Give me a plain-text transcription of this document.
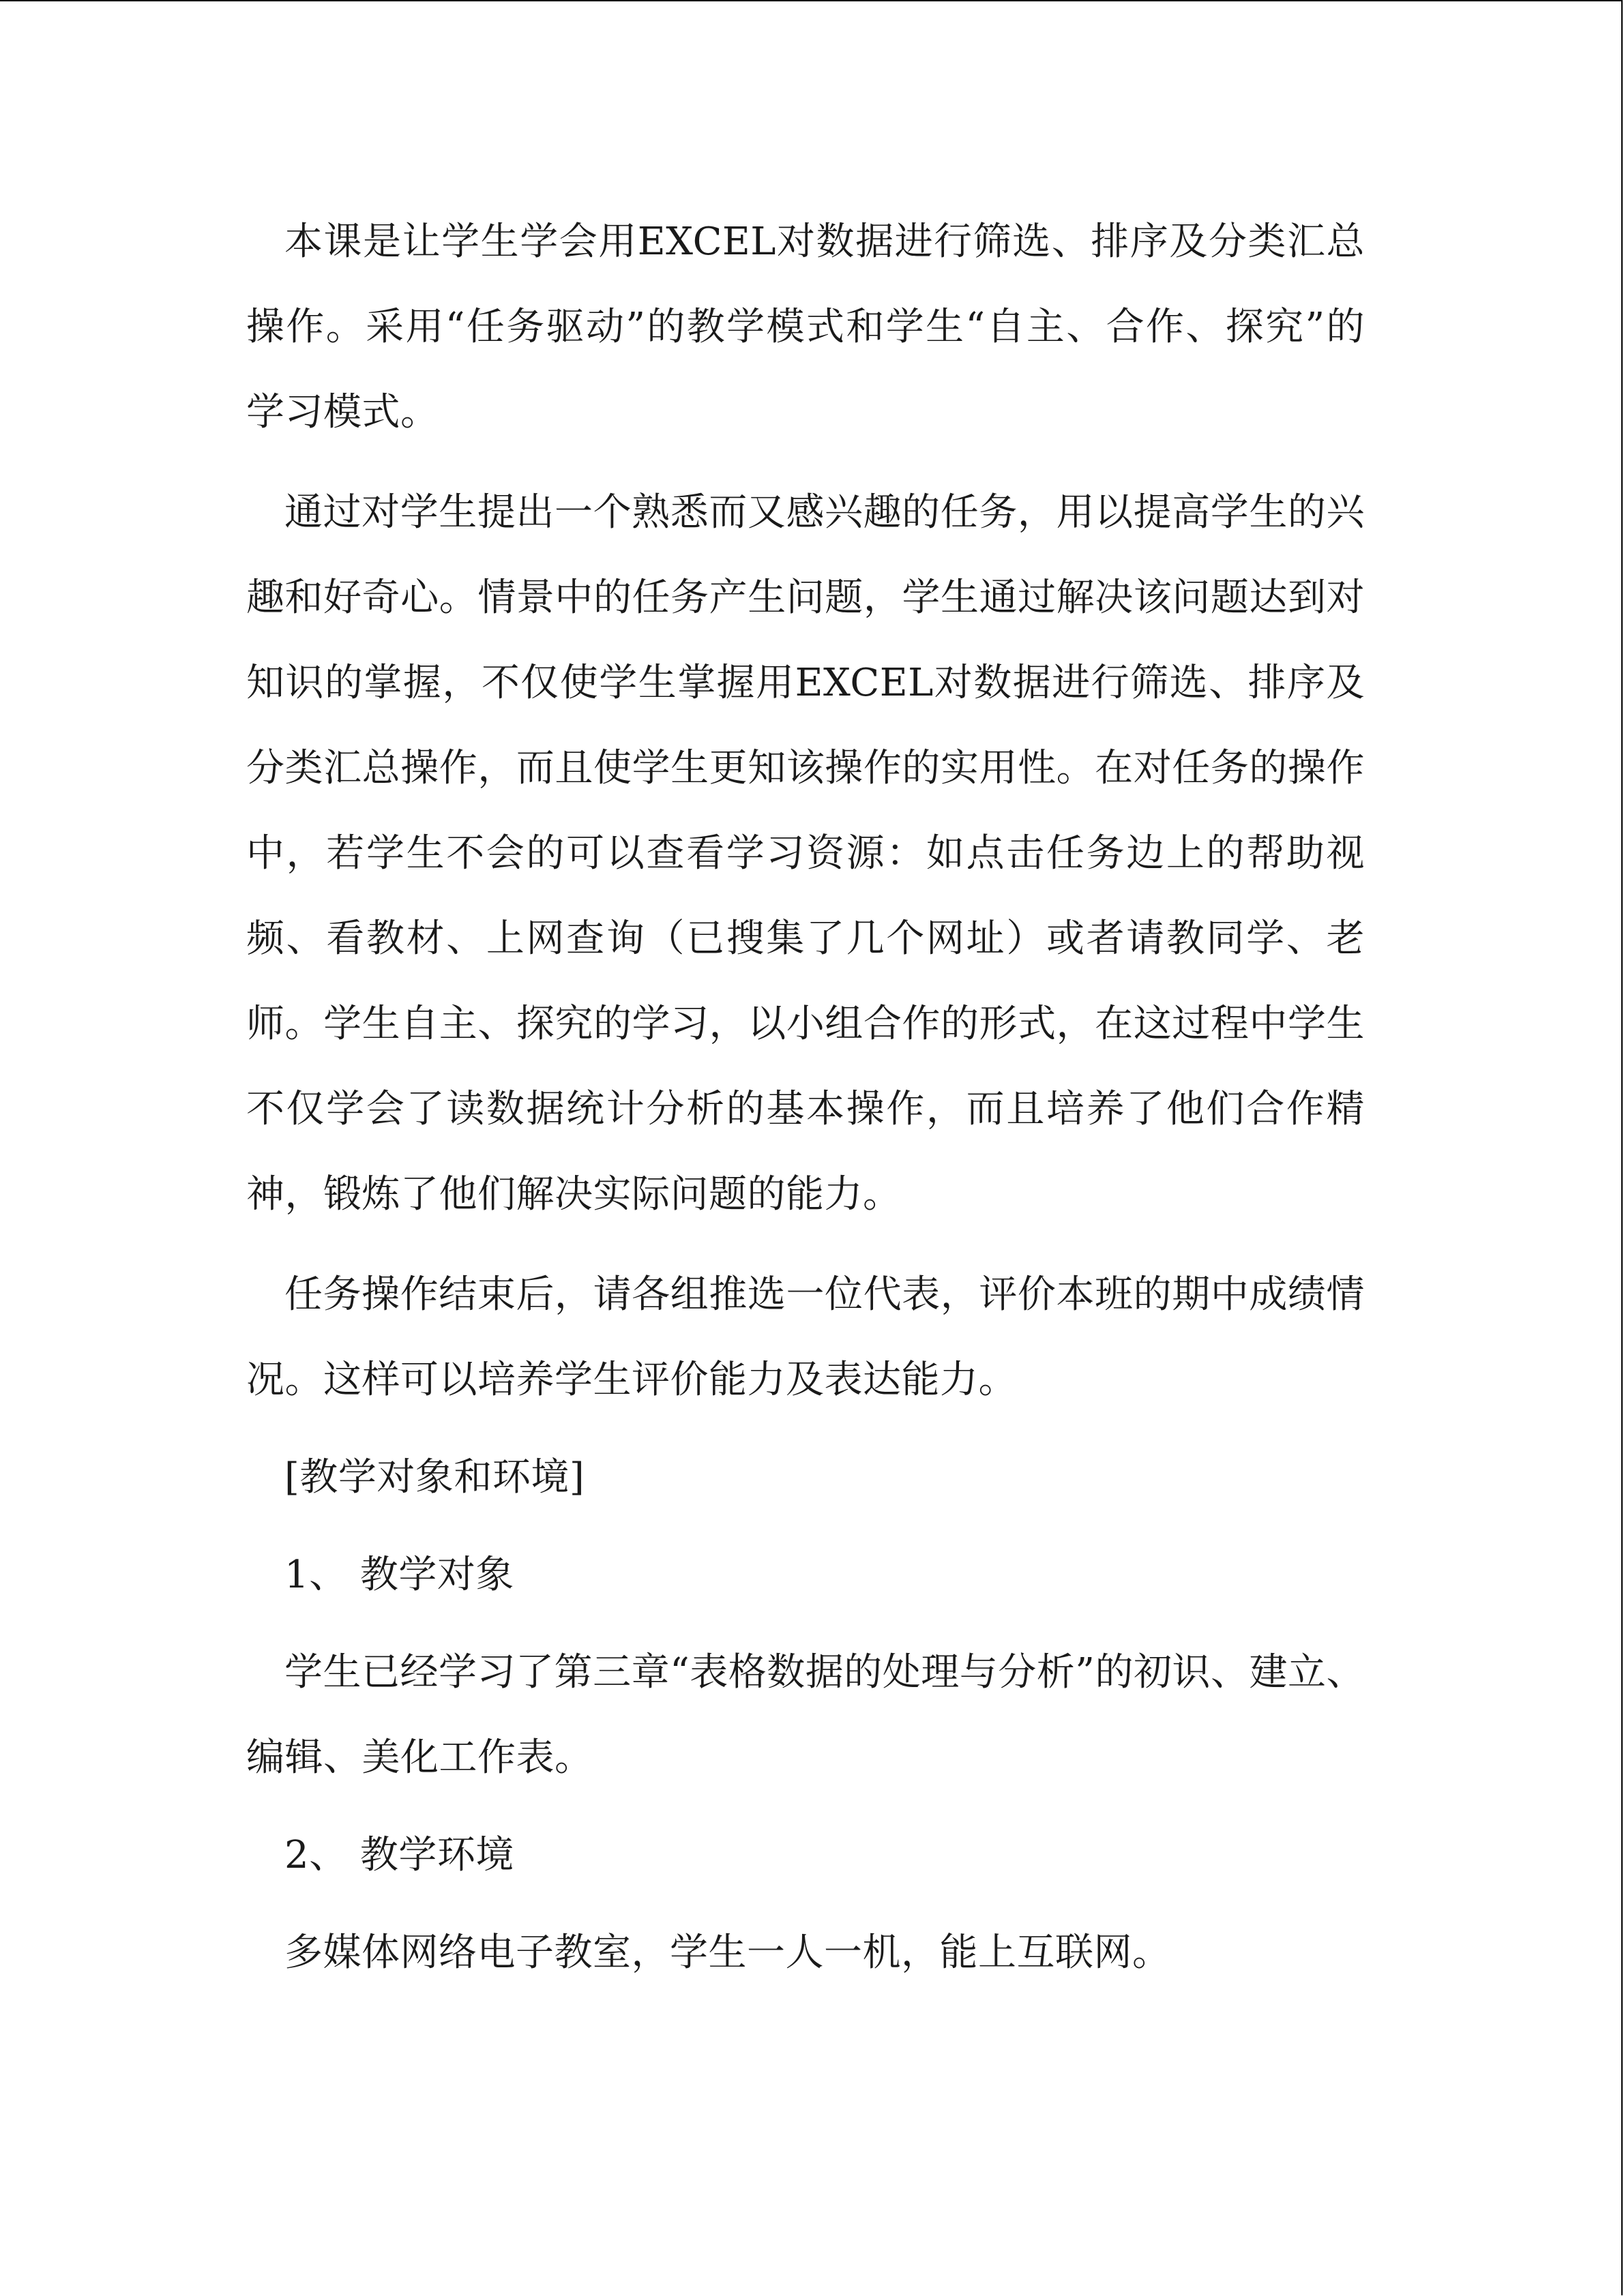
本课是让学生学会用EXCEL对数据进行筛选、排序及分类汇总操作。采用“任务驱动”的教学模式和学生“自主、合作、探究”的学习模式。

通过对学生提出一个熟悉而又感兴趣的任务，用以提高学生的兴趣和好奇心。情景中的任务产生问题，学生通过解决该问题达到对知识的掌握，不仅使学生掌握用EXCEL对数据进行筛选、排序及分类汇总操作，而且使学生更知该操作的实用性。在对任务的操作中，若学生不会的可以查看学习资源：如点击任务边上的帮助视频、看教材、上网查询（已搜集了几个网址）或者请教同学、老师。学生自主、探究的学习，以小组合作的形式，在这过程中学生不仅学会了读数据统计分析的基本操作，而且培养了他们合作精神，锻炼了他们解决实际问题的能力。

任务操作结束后，请各组推选一位代表，评价本班的期中成绩情况。这样可以培养学生评价能力及表达能力。

[教学对象和环境]

1、 教学对象

学生已经学习了第三章“表格数据的处理与分析”的初识、建立、编辑、美化工作表。

2、 教学环境

多媒体网络电子教室，学生一人一机，能上互联网。
